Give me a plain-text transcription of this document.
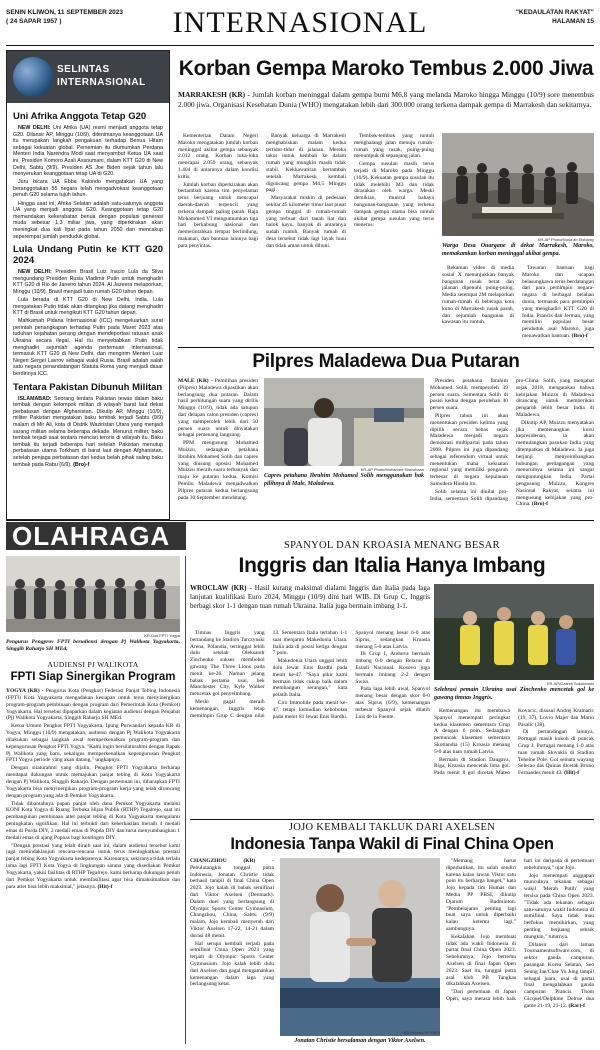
SENIN KLIWON, 11 SEPTEMBER 2023
( 24 SAPAR 1957 )	INTERNASIONAL	"KEDAULATAN RAKYAT"
HALAMAN 15
SELINTAS INTERNASIONAL
Uni Afrika Anggota Tetap G20

NEW DELHI: Uni Afrika (UA) resmi menjadi anggota tetap G20. Dilansir AP, Minggu (10/9), ditenimanya keanggotaan UA itu merupakan langkah pengakuan terhadap Benua Hitam sebagai kekuatan global. Persemian itu diumumkan Perdana Menteri India Narendra Modi saat menyambut Ketua UA saat ini, Presiden Komoro Azali Assoumani, dalam KTT G20 di New Delhi, Sabtu (9/9). Presiden AS Joe Biden sejak tahun lalu menyerukan keanggotaan tetap UA di G20.

Juru bicara UA Ebba Kalondo mengatakan UA yang beranggotakan 55 negara telah mengadvokasi keanggotaan penuh G20 selama tujuh tahun.

Hingga saat ini, Afrika Selatan adalah satu-satunya anggota UA yang menjadi anggota G20. Keanggotaan tetap G20 memandakan kekerabatan benua dengan populasi generasi muda sebesar 1,3 miliar jiwa, yang diperkirakan akan meningkat dua kali lipat pada tahun 2050 dan mencakup seperempat jumlah penduduk global.

Lula Undang Putin ke KTT G20 2024

NEW DELHI: Presiden Brasil Luiz Inacio Lula da Silva mengundang Presiden Rusia Vladimir Putin untuk menghadiri KTT G20 di Rio de Janeiro tahun 2024. Al Jazeera melaporkan, Minggu (10/9). Brasil menjadi tuan rumah G20 tahun depan.

Lula berada di KTT G20 di New Delhi, India. Lula mengatakan Putin tidak akan ditangkap jika datang menghadiri KTT di Brasil untuk mengikuti KTT G20 tahun depan.

Mahkamah Pidana Internasional (ICC) mengeluarkan surat perintah penangkapan terhadap Putin pada Maret 2023 atas tuduhan kejahatan perang dengan mendeportasi ratusan anak Ukraina secara ilegal. Hal itu menyebabkan Putin tidak menghadiri sejumlah agenda pertemuan internasional, termasuk KTT G20 di New Delhi, dan mengirim Menteri Luar Negeri Sergei Lavrov sebagai wakil Rusia. Brasil adalah salah satu negara penandatangan Statuta Roma yang menjadi dasar berdirinya ICC.

Tentara Pakistan Dibunuh Militan

ISLAMABAD: Seorang tentara Pakistan tewas dalam baku tembak dengan kelompok militan di wilayah barat laut dekat perbatasan dengan Afghanistan. Dikutip AP, Minggu (10/9), militer Pakistan mengatakan baku tembak terjadi Sabtu (9/9) malam di Mir Ali, kota di Distrik Waziristan Utara yang menjadi sarang militan selama beberapa dekade. Menurut militer, baku tembak terjadi saat tentara mencari teroris di wilayah itu. Baku tembak itu terjadi beberapa hari setelah Pakistan menutup perbatasan utama Torkham di barat laut dengan Afghanistan, setelah penjaga perbatasan dari kedua belah pihak saling baku tembak pada Rabu (6/9). (Bro)-f

Korban Gempa Maroko Tembus 2.000 Jiwa

MARRAKESH (KR) - Jumlah korban meninggal dalam gempa bumi M6,8 yang melanda Maroko hingga Minggu (10/9) sore menembus 2.000 jiwa. Organisasi Kesehatan Dunia (WHO) mengatakan lebih dari 300.000 orang terkena dampak gempa di Marrakesh dan sekitarnya.

Kementerian Dalam Negeri Maroko mengatakan jumlah korban meninggal akibat gempa sebanyak 2.012 orang. Korban luka-luka mencapai 2.059 orang, sebanyak 1.404 di antaranya dalam kondisi kritis.

Jumlah korban diperkirakan akan bertambah karena tim penyelamat terus berjuang untuk mencapai daerah-daerah terpencil yang terkena dampak paling parah. Raja Mohammed VI mengumumkan tiga hari berkabung nasional dan memerintahkan tempat berlindung, makanan, dan bantuan lainnya bagi para penyintas.

Banyak keluarga di Marrakesh menghabiskan malam kedua tertidur-tidur di jalanan. Mereka takut untuk kembali ke dalam rumah yang mungkin masih tidak stabil. Kekhawatiran bertambah setelah Marrakesh kembali diguncang gempa M4,5 Minggu pagi.

Masyarakat miskin di pedesaan sekitar 45 kilometer timur laut pusat gempa tinggal di rumah-rumah yang terbuat dari tanah liat dan balok kayu, banyak di antaranya sudah runtuh. Banyak rumah di desa tersebut tidak lagi layak huni dan tidak aman untuk dihuni.

Tembok-tembok yang runtuh menghalangi jalan menuju rumah-rumah yang rusak, puing-puing menumpuk di sepanjang jalan.

Gempa susulan masih terus terjadi di Maroko pada Minggu (10/9). Kekuatan gempa susulan itu tidak melebihi M3 dan tidak dirasakan oleh warga. Meski demikian, muncul bahaya bangunan-bangunan yang terkena dampak gempa utama bisa runtuh akibat gempa susulan yang terus menerus.

KR-AP Photo/Mosa'ab Elshamy
Warga Desa Ouargane di dekat Marrakesh, Maroko, memakamkan korban meninggal akibat gempa.

Rekaman video di media sosial X menunjukkan banyak bangunan rusak berat dan jalanan dipenuhi puing-puing. Media setempat 2M melaporkan rumah-rumah di beberapa kota kuno di Marrakesh rusak parah, dan sejumlah bangunan di kawasan itu runtuh.

Tawaran bantuan bagi Maroko dan ucapan belasungkawa terus berdatangan dari para pemimpin negara-negara di berbagai belahan dunia, termasuk para pemimpin yang menghadiri KTT G20 di India. Prancis dan Jerman, yang memiliki populasi besar penduduk asal Maroko, juga menawarkan bantuan. (Bro)-f

Pilpres Maladewa Dua Putaran

MALE (KR) - Pemilihan presiden (Pilpres) Maladewa dipastikan akan berlangsung dua putaran. Dalam hasil perhitungan suara yang dirilis Minggu (10/9), tidak ada satupun dari delapan calon presiden (capres) yang memperoleh lebih dari 50 persen suara untuk dinyatakan sebagai pemenang langsung.

PPM mengusung Mohamed Muizzu, sedangkan petahana Ibrahim Mohamed Solih dan capres yang diusung oposisi Mohamed Muizzu meraih suara terbanyak dan maju ke putaran kedua. Komisi Pemilu Maladewa menjadwalkan Pilpres putaran kedua berlangsung pada 30 September mendatang.

KR-AP Photo/Mohamed Sharuhaan
Capres petahana Ibrahim Mohamed Solih menggunakan hak pilihnya di Male, Maladewa.

Presiden petahana Ibrahim Mohamed Solih memperoleh 39 persen suara. Sementara Solih di posisi kedua dengan perolehan 40 persen suara.

Pilpres tahun ini akan menentukan presiden kelima yang dipilih secara bebas sejak Maladewa menjadi negara demokrasi multipartai pada tahun 2008. Pilpres ini juga dipandang sebagai referendum virtual untuk menentukan mana kekuatan regional yang memiliki pengaruh terbesar di negara kepulauan Samudera Hindia itu.

Solih selama ini dinilai pro-India, sementara Solih dipandang pro-China. Solih, yang menjabat sejak 2018, mengatakan bahwa kebijakan Muizzu di Maladewa dirancang untuk memberikan pengaruh lebih besar India di Maladewa.

Dikutip AP, Muizzu menyatakan jika memenangkan kursi kepresidenan, ia akan memulangkan pasukan India yang ditempatkan di Maladewa. Ia juga berjanji menyeimbangkan hubungan perdagangan yang menurutnya selama ini sangat menguntungkan India. Partai pengusung Muizzu, Kongres Nasional Rakyat, selama ini mengusung kebijakan yang pro-China. (Bro)-f

OLAHRAGA
KR-Dok FPTI Yogya
Pengurus Pengprov FPTI berudiensi dengan Pj Walikota Yogyakarta, Singgih Raharjo SH MEd.
AUDIENSI PJ WALIKOTA
FPTI Siap Sinergikan Program

YOGYA (KR) - Pengurus Kota (Pengkot) Federasi Panjat Tebing Indonesia (FPTI) Kota Yogyakarta mengadakan kesiapan untuk terus menyinergikan program-program pembinaan dengan program dari Pemerintah Kota (Pemkot) Yogyakarta. Hal tersebut dipaparkan dalam kegiatan audiensi dengan Penjabat (Pj) Walikota Yogyakarta, Singgih Raharjo SH MEd.

Ketua Umum Pengkot FPTI Yogyakarta, Ipung Purwandari kepada KR di Yogya, Minggu (10/9) mengatakan, audiensi dengan Pj Walikota Yogyakarta dilakukan sebagai langkah awal memperkenalkan program-program dan kepengurusan Pengkot FPTI Yogya. "Kami ingin bersilaturahmi dengan Bapak Pj Walikota yang baru, sekaligus memperkenalkan kepengurusan Pengkot FPTI Yogya periode yang akan datang," ungkapnya.

Dengan silaturahmi yang dijalin, Pengkot FPTI Yogyakarta berharap mendapat dukungan untuk memajukan panjat tebing di Kota Yogyakarta dengan Pj Walikota, Singgih Raharjo. Dengan pertemuan ini, diharapkan FPTI Yogyakarta bisa menyinergikan program-program kerja yang telah dirancang dengan program yang ada di Pemkot Yogyakarta.

Tidak dibantahnya papan panjat oleh dana Pemkot Yogyakarta melalui KONI Kota Yogya di Ruang Terbuka Hijau Publik (RTHP) Tegalrejo, saat ini pembangunan pembinaan atlet panjat tebing di Kota Yogyakarta mengalami peningkatan signifikan. Hal ini terbukti dari keberhasilan meraih 4 medali emas di Porda DIY, 2 medali emas di Popda DIY dan turut menyumbangkan 1 medali emas di ajang Popnas bagi kontingen DIY.

"Dengan prestasi yang telah diraih saat ini, dalam audiensi tersebut kami juga menindaklanjuti rencana-rencana untuk terus meningkatkan prestasi panjat tebing Kota Yogyakarta kedepannya. Karenanya, sekiranya tidak terlalu lama lagi FPTI Kota Yogya di lingkungan sarana yang disediakan Pemkot Yogyakarta, yakni fasilitas di RTHP Tegalrejo, kami berharap dukungan penuh dari Pemkot Yogyakarta untuk memfasilitasi agar bisa dimaksimalkan dan para atlet bisa lebih maksimal," jelasnya. (Hit)-f

SPANYOL DAN KROASIA MENANG BESAR
Inggris dan Italia Hanya Imbang

WROCLAW (KR) - Hasil kurang maksimal dialami Inggris dan Italia pada laga lanjutan kualifikasi Euro 2024, Minggu (10/9) dini hari WIB. Di Grup C, Inggris berbagi skor 1-1 dengan tuan rumah Ukraina. Italia juga bermain imbang 1-1.

Timnas Inggris yang bertandang ke Stadion Tarczynski Arena, Polandia, tertinggal lebih dulu setelah Oleksandr Zinchenko sukses membobol gawang The Three Lions pada menit ke-26. Namun jelang babak pertama usai, bek Manchester City, Kyle Walker mencetak gol penyeimbang.

Meski gagal meraih kemenangan, Inggris tetap memimpin Grup C dengan nilai 13. Sementara Italia tertahan 1-1 saat menjamu Makedonia Utara. Italia ada di posisi ketiga dengan 7 poin.

Makedonia Utara unggul lebih dulu lewat Enis Bardhi pada menit ke-47. "Saya pikir kami bermain tidak cukup baik dalam membangun serangan," kata pelatih Italia.

Ciro Immobile pada menit ke-47, tetapi kemudian kebobolan pada menit 81 lewat Enis Bardhi. Spanyol menang besar 6-0 atas Siprus, sedangkan Kroasia menang 5-0 atas Latvia.

Di Grup I, Andorra bermain imbang 0-0 dengan Belarus di Estadi Nacional. Kosovo juga bermain imbang 2-2 dengan Swiss.

Pada laga lebih awal, Spanyol menang besar dengan skor 6-0 atas Siprus (6/9), kemenangan terbesar Spanyol sejak dilatih Luis de la Fuente.

KR-AP/Czarek Sokolowski
Selebrasi pemain Ukraina usai Zinchenko mencetak gol ke gawang timnas Inggris.

Kemenangan itu membawa Spanyol menempati peringkat kedua klasemen sementara Grup A dengan 6 poin. Sedangkan pemuncak klasemen sementara Skotlandia (15) Kroasia menang 5-0 atas tuan rumah Latvia.

Bermain di Stadion Daugava, Riga, Kroasia mencetak lima gol. Pada menit 8 gol dicetak Mateo Kovacic, disusul Andrej Kramaric (19, 37), Lovro Majer dan Mario Pasalic (38).

Di pertandingan lainnya, Portugal masih kokoh di puncak Grup J. Portugal menang 1-0 atas tuan rumah Slovakia di Stadion Tehelne Pole. Gol semata wayang Selecao das Quinas dicetak Bruno Fernandes menit 43. (Hit)-f

JOJO KEMBALI TAKLUK DARI AXELSEN
Indonesia Tanpa Wakil di Final China Open

CHANGZHOU (KR) - Pebulutangkis tunggal putra Indonesia, Jonatan Christie tidak berhasil tampil di final China Open 2023. Jojo kalah di babak semifinal dari Viktor Axelsen (Denmark). Dalam duel yang berlangsung di Olympic Sports Center Gymnasium, Changzhou, China, Sabtu (9/9) malam, Jojo kembali menyerah dari Viktor Axelsen 17-22, 14-21 dalam durasi 48 menit.

Hal serupa kembali terjadi pada semifinal China Open 2023 yang terjadi di Olympic Sports Center Gymnasium. Jojo kalah lebih dulu dari Axelsen dan gagal mengamankan kemenangan dalam laga yang berlangsung ketat.

KR-Humas PP PBSI
Jonatan Christie bersalaman dengan Viktor Axelsen.

"Memang harus diperhatikan, itu salah sendiri karena kalau lawan Viktor satu poin itu berharga banget," kata Jojo kepada tim Humas dan Media PP PBSI, dikutip Djarum Badminton. "Pembelajaran penting lagi buat saya untuk diperbaiki kalau ketemu lagi," sambungnya.

Kekalahan Jojo membuat tidak ada wakil Indonesia di partai final China Open 2023. Sebelumnya, Jojo bertemu Axelsen di final Japan Open 2023. Saat itu, tunggal putra asal klub PB Tangkas dikalahkan Axelsen.

"Dari pertemuan di Japan Open, saya merasa lebih baik hari ini daripada di pertemuan sebelumnya," ujar Jojo.

Jojo menempati anggapan munculnya tekanan sebagai wakil 'Merah Putih' yang tersisa pada China Open 2023. "Tidak ada tekanan sebagai satu-satunya wakil Indonesia di semifinal. Saya tidak mau berfokus memikirkan, yang penting berjuang sebaik mungkin," tuturnya.

Dilansir dari laman Tournamentsoftware.com, di sektor ganda campuran, pasangan Korea Selatan, Seo Seung Jae/Chae Yu Jung tampil sebagai juara, usai di partai final mengalahkan ganda campuran Prancis Thom Gicquel/Delphine Delrue dua game 21-19, 21-12. (Rar)-f
